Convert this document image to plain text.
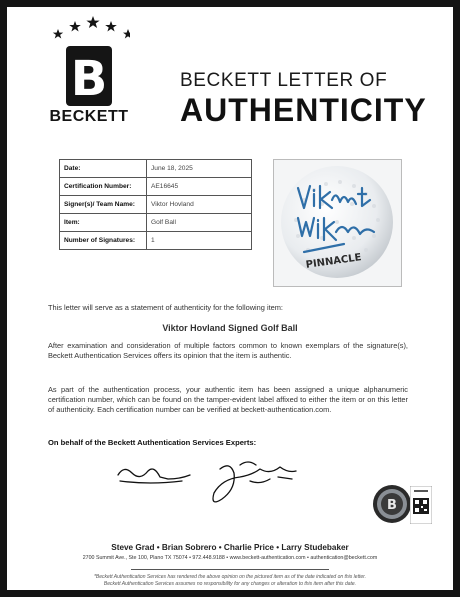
B
BECKETT
BECKETT LETTER OF
AUTHENTICITY
Date:	June 18, 2025
Certification Number:	AE16645
Signer(s)/ Team Name:	Viktor Hovland
Item:	Golf Ball
Number of Signatures:	1
PINNACLE
This letter will serve as a statement of authenticity for the following item:
Viktor Hovland Signed Golf Ball
After examination and consideration of multiple factors common to known exemplars of the signature(s), Beckett Authentication Services offers its opinion that the item is authentic.
As part of the authentication process, your authentic item has been assigned a unique alphanumeric certification number, which can be found on the tamper-evident label affixed to either the item or on this letter of authenticity. Each certification number can be verified at beckett-authentication.com.
On behalf of the Beckett Authentication Services Experts:
B
Steve Grad • Brian Sobrero • Charlie Price • Larry Studebaker
2700 Summit Ave., Ste 100, Plano TX 75074 • 972.448.9188 • www.beckett-authentication.com • authentication@beckett.com
*Beckett Authentication Services has rendered the above opinion on the pictured item as of the date indicated on this letter.
Beckett Authentication Services assumes no responsibility for any changes or alteration to this item after this date.
